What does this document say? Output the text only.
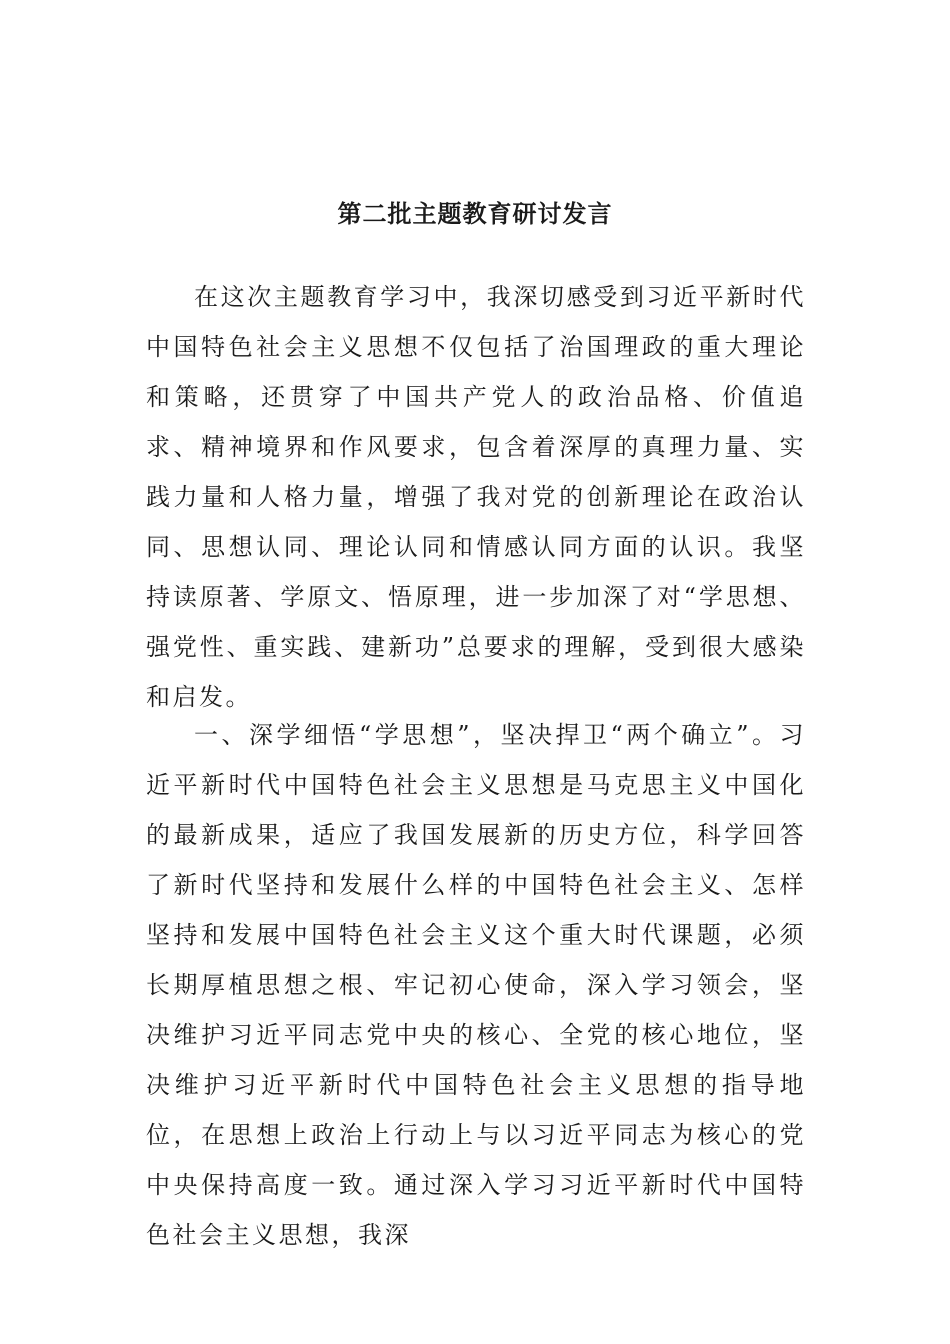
第二批主题教育研讨发言

在这次主题教育学习中，我深切感受到习近平新时代中国特色社会主义思想不仅包括了治国理政的重大理论和策略，还贯穿了中国共产党人的政治品格、价值追求、精神境界和作风要求，包含着深厚的真理力量、实践力量和人格力量，增强了我对党的创新理论在政治认同、思想认同、理论认同和情感认同方面的认识。我坚持读原著、学原文、悟原理，进一步加深了对“学思想、强党性、重实践、建新功”总要求的理解，受到很大感染和启发。

一、深学细悟“学思想”，坚决捍卫“两个确立”。习近平新时代中国特色社会主义思想是马克思主义中国化的最新成果，适应了我国发展新的历史方位，科学回答了新时代坚持和发展什么样的中国特色社会主义、怎样坚持和发展中国特色社会主义这个重大时代课题，必须长期厚植思想之根、牢记初心使命，深入学习领会，坚决维护习近平同志党中央的核心、全党的核心地位，坚决维护习近平新时代中国特色社会主义思想的指导地位，在思想上政治上行动上与以习近平同志为核心的党中央保持高度一致。通过深入学习习近平新时代中国特色社会主义思想，我深
